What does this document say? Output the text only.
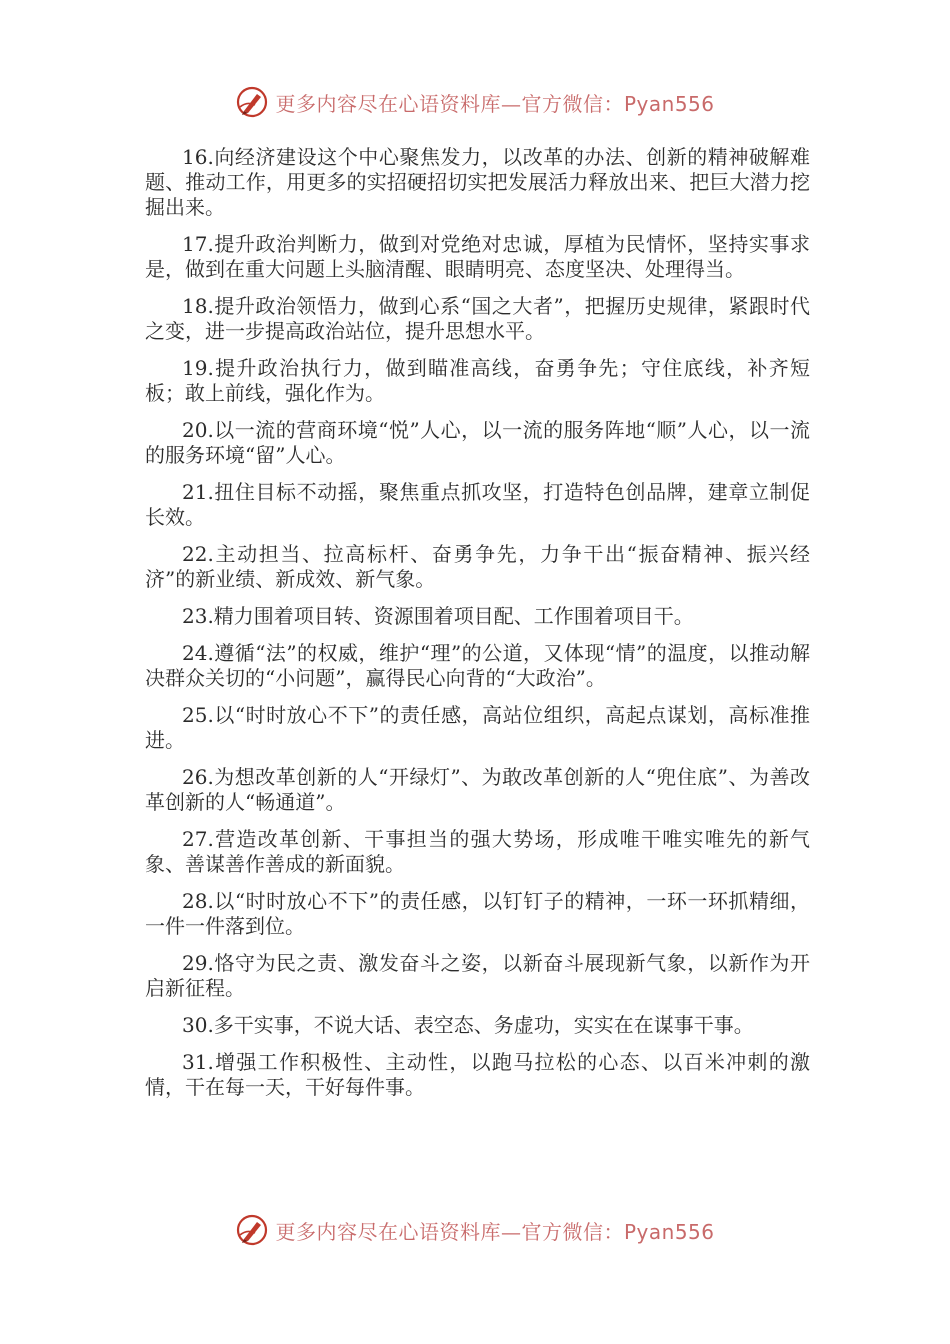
更多内容尽在心语资料库—官方微信：Pyan556

16.向经济建设这个中心聚焦发力，以改革的办法、创新的精神破解难题、推动工作，用更多的实招硬招切实把发展活力释放出来、把巨大潜力挖掘出来。

17.提升政治判断力，做到对党绝对忠诚，厚植为民情怀，坚持实事求是，做到在重大问题上头脑清醒、眼睛明亮、态度坚决、处理得当。

18.提升政治领悟力，做到心系“国之大者”，把握历史规律，紧跟时代之变，进一步提高政治站位，提升思想水平。

19.提升政治执行力，做到瞄准高线，奋勇争先；守住底线，补齐短板；敢上前线，强化作为。

20.以一流的营商环境“悦”人心，以一流的服务阵地“顺”人心，以一流的服务环境“留”人心。

21.扭住目标不动摇，聚焦重点抓攻坚，打造特色创品牌，建章立制促长效。

22.主动担当、拉高标杆、奋勇争先，力争干出“振奋精神、振兴经济”的新业绩、新成效、新气象。

23.精力围着项目转、资源围着项目配、工作围着项目干。

24.遵循“法”的权威，维护“理”的公道，又体现“情”的温度，以推动解决群众关切的“小问题”，赢得民心向背的“大政治”。

25.以“时时放心不下”的责任感，高站位组织，高起点谋划，高标准推进。

26.为想改革创新的人“开绿灯”、为敢改革创新的人“兜住底”、为善改革创新的人“畅通道”。

27.营造改革创新、干事担当的强大势场，形成唯干唯实唯先的新气象、善谋善作善成的新面貌。

28.以“时时放心不下”的责任感，以钉钉子的精神，一环一环抓精细，一件一件落到位。

29.恪守为民之责、激发奋斗之姿，以新奋斗展现新气象，以新作为开启新征程。

30.多干实事，不说大话、表空态、务虚功，实实在在谋事干事。

31.增强工作积极性、主动性，以跑马拉松的心态、以百米冲刺的激情，干在每一天，干好每件事。

更多内容尽在心语资料库—官方微信：Pyan556
